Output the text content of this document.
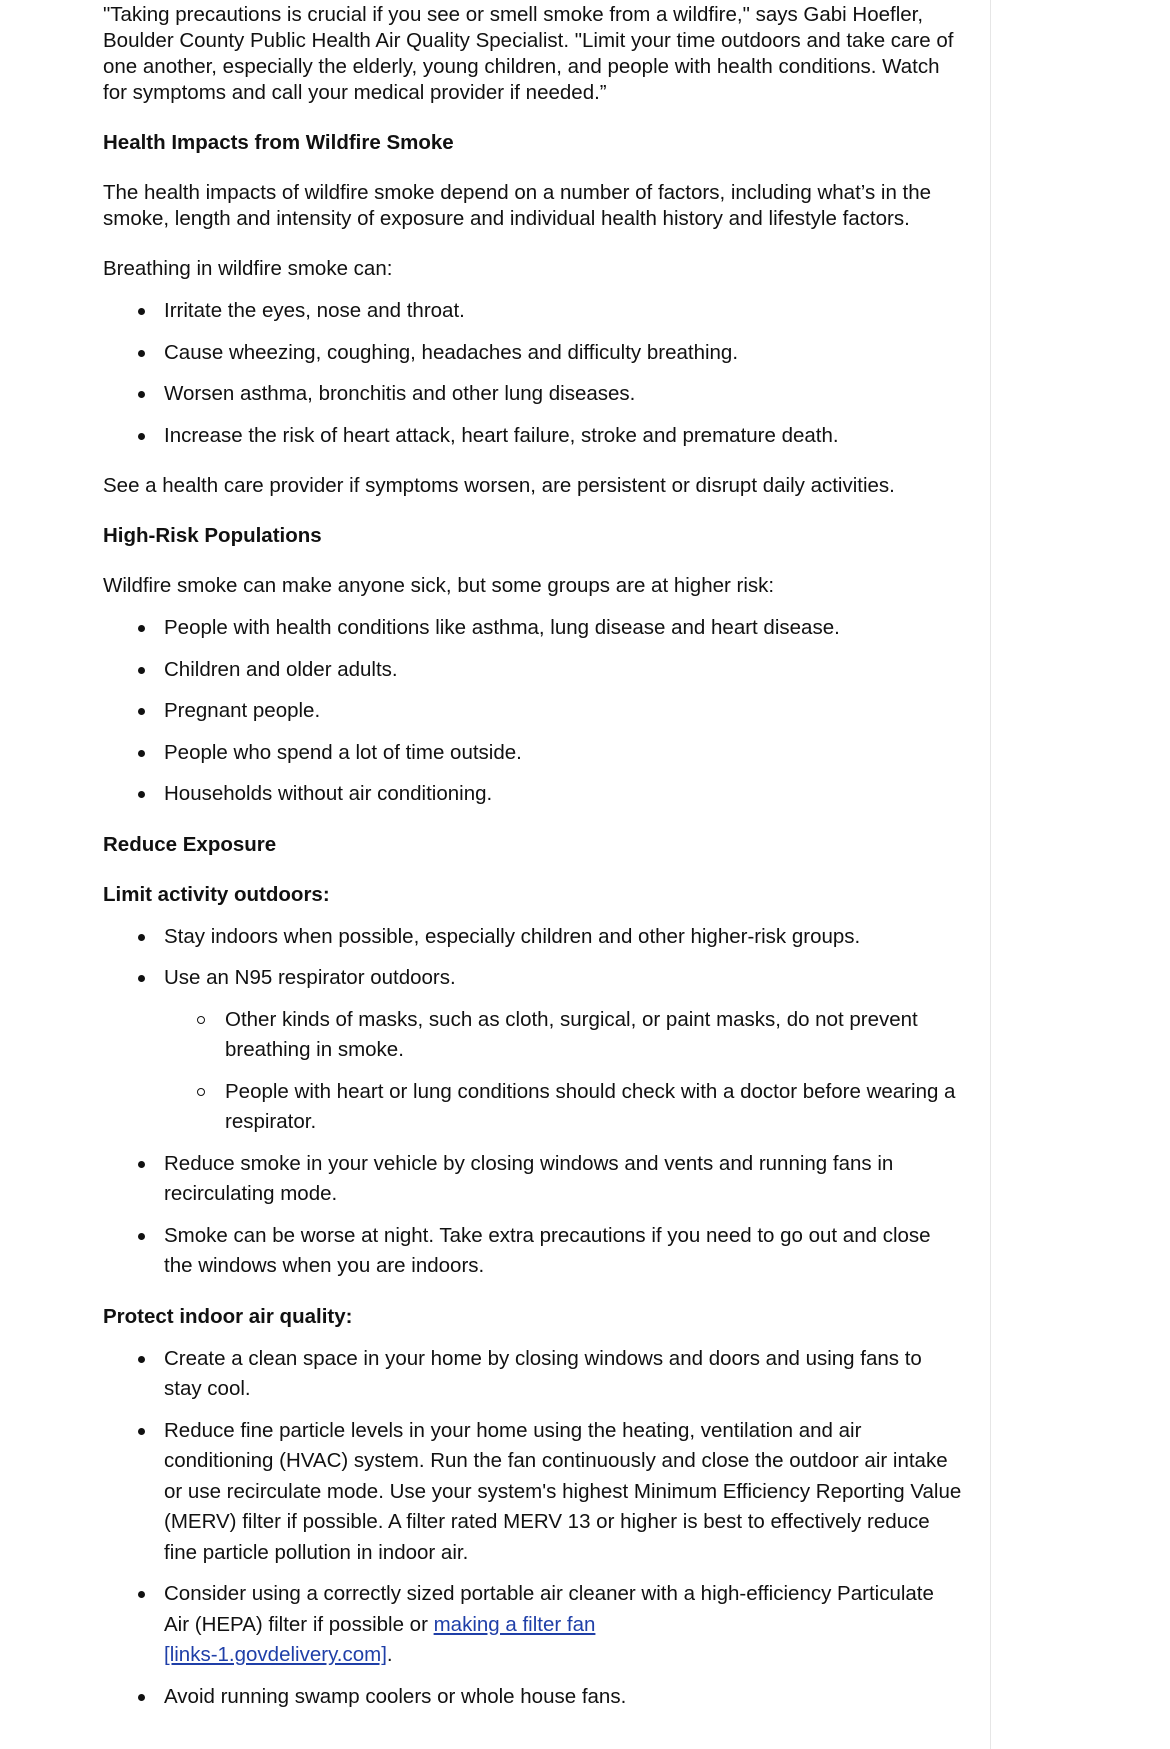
"Taking precautions is crucial if you see or smell smoke from a wildfire," says Gabi Hoefler, Boulder County Public Health Air Quality Specialist. "Limit your time outdoors and take care of one another, especially the elderly, young children, and people with health conditions. Watch for symptoms and call your medical provider if needed.”

Health Impacts from Wildfire Smoke

The health impacts of wildfire smoke depend on a number of factors, including what’s in the smoke, length and intensity of exposure and individual health history and lifestyle factors.

Breathing in wildfire smoke can:

Irritate the eyes, nose and throat.
Cause wheezing, coughing, headaches and difficulty breathing.
Worsen asthma, bronchitis and other lung diseases.
Increase the risk of heart attack, heart failure, stroke and premature death.

See a health care provider if symptoms worsen, are persistent or disrupt daily activities.

High-Risk Populations

Wildfire smoke can make anyone sick, but some groups are at higher risk:

People with health conditions like asthma, lung disease and heart disease.
Children and older adults.
Pregnant people.
People who spend a lot of time outside.
Households without air conditioning.
Reduce Exposure
Limit activity outdoors:
Stay indoors when possible, especially children and other higher-risk groups.
Use an N95 respirator outdoors.
Other kinds of masks, such as cloth, surgical, or paint masks, do not prevent breathing in smoke.
People with heart or lung conditions should check with a doctor before wearing a respirator.
Reduce smoke in your vehicle by closing windows and vents and running fans in recirculating mode.
Smoke can be worse at night. Take extra precautions if you need to go out and close the windows when you are indoors.
Protect indoor air quality:
Create a clean space in your home by closing windows and doors and using fans to stay cool.
Reduce fine particle levels in your home using the heating, ventilation and air conditioning (HVAC) system. Run the fan continuously and close the outdoor air intake or use recirculate mode. Use your system's highest Minimum Efficiency Reporting Value (MERV) filter if possible. A filter rated MERV 13 or higher is best to effectively reduce fine particle pollution in indoor air.
Consider using a correctly sized portable air cleaner with a high-efficiency Particulate Air (HEPA) filter if possible or making a filter fan
[links-1.govdelivery.com].
Avoid running swamp coolers or whole house fans.
